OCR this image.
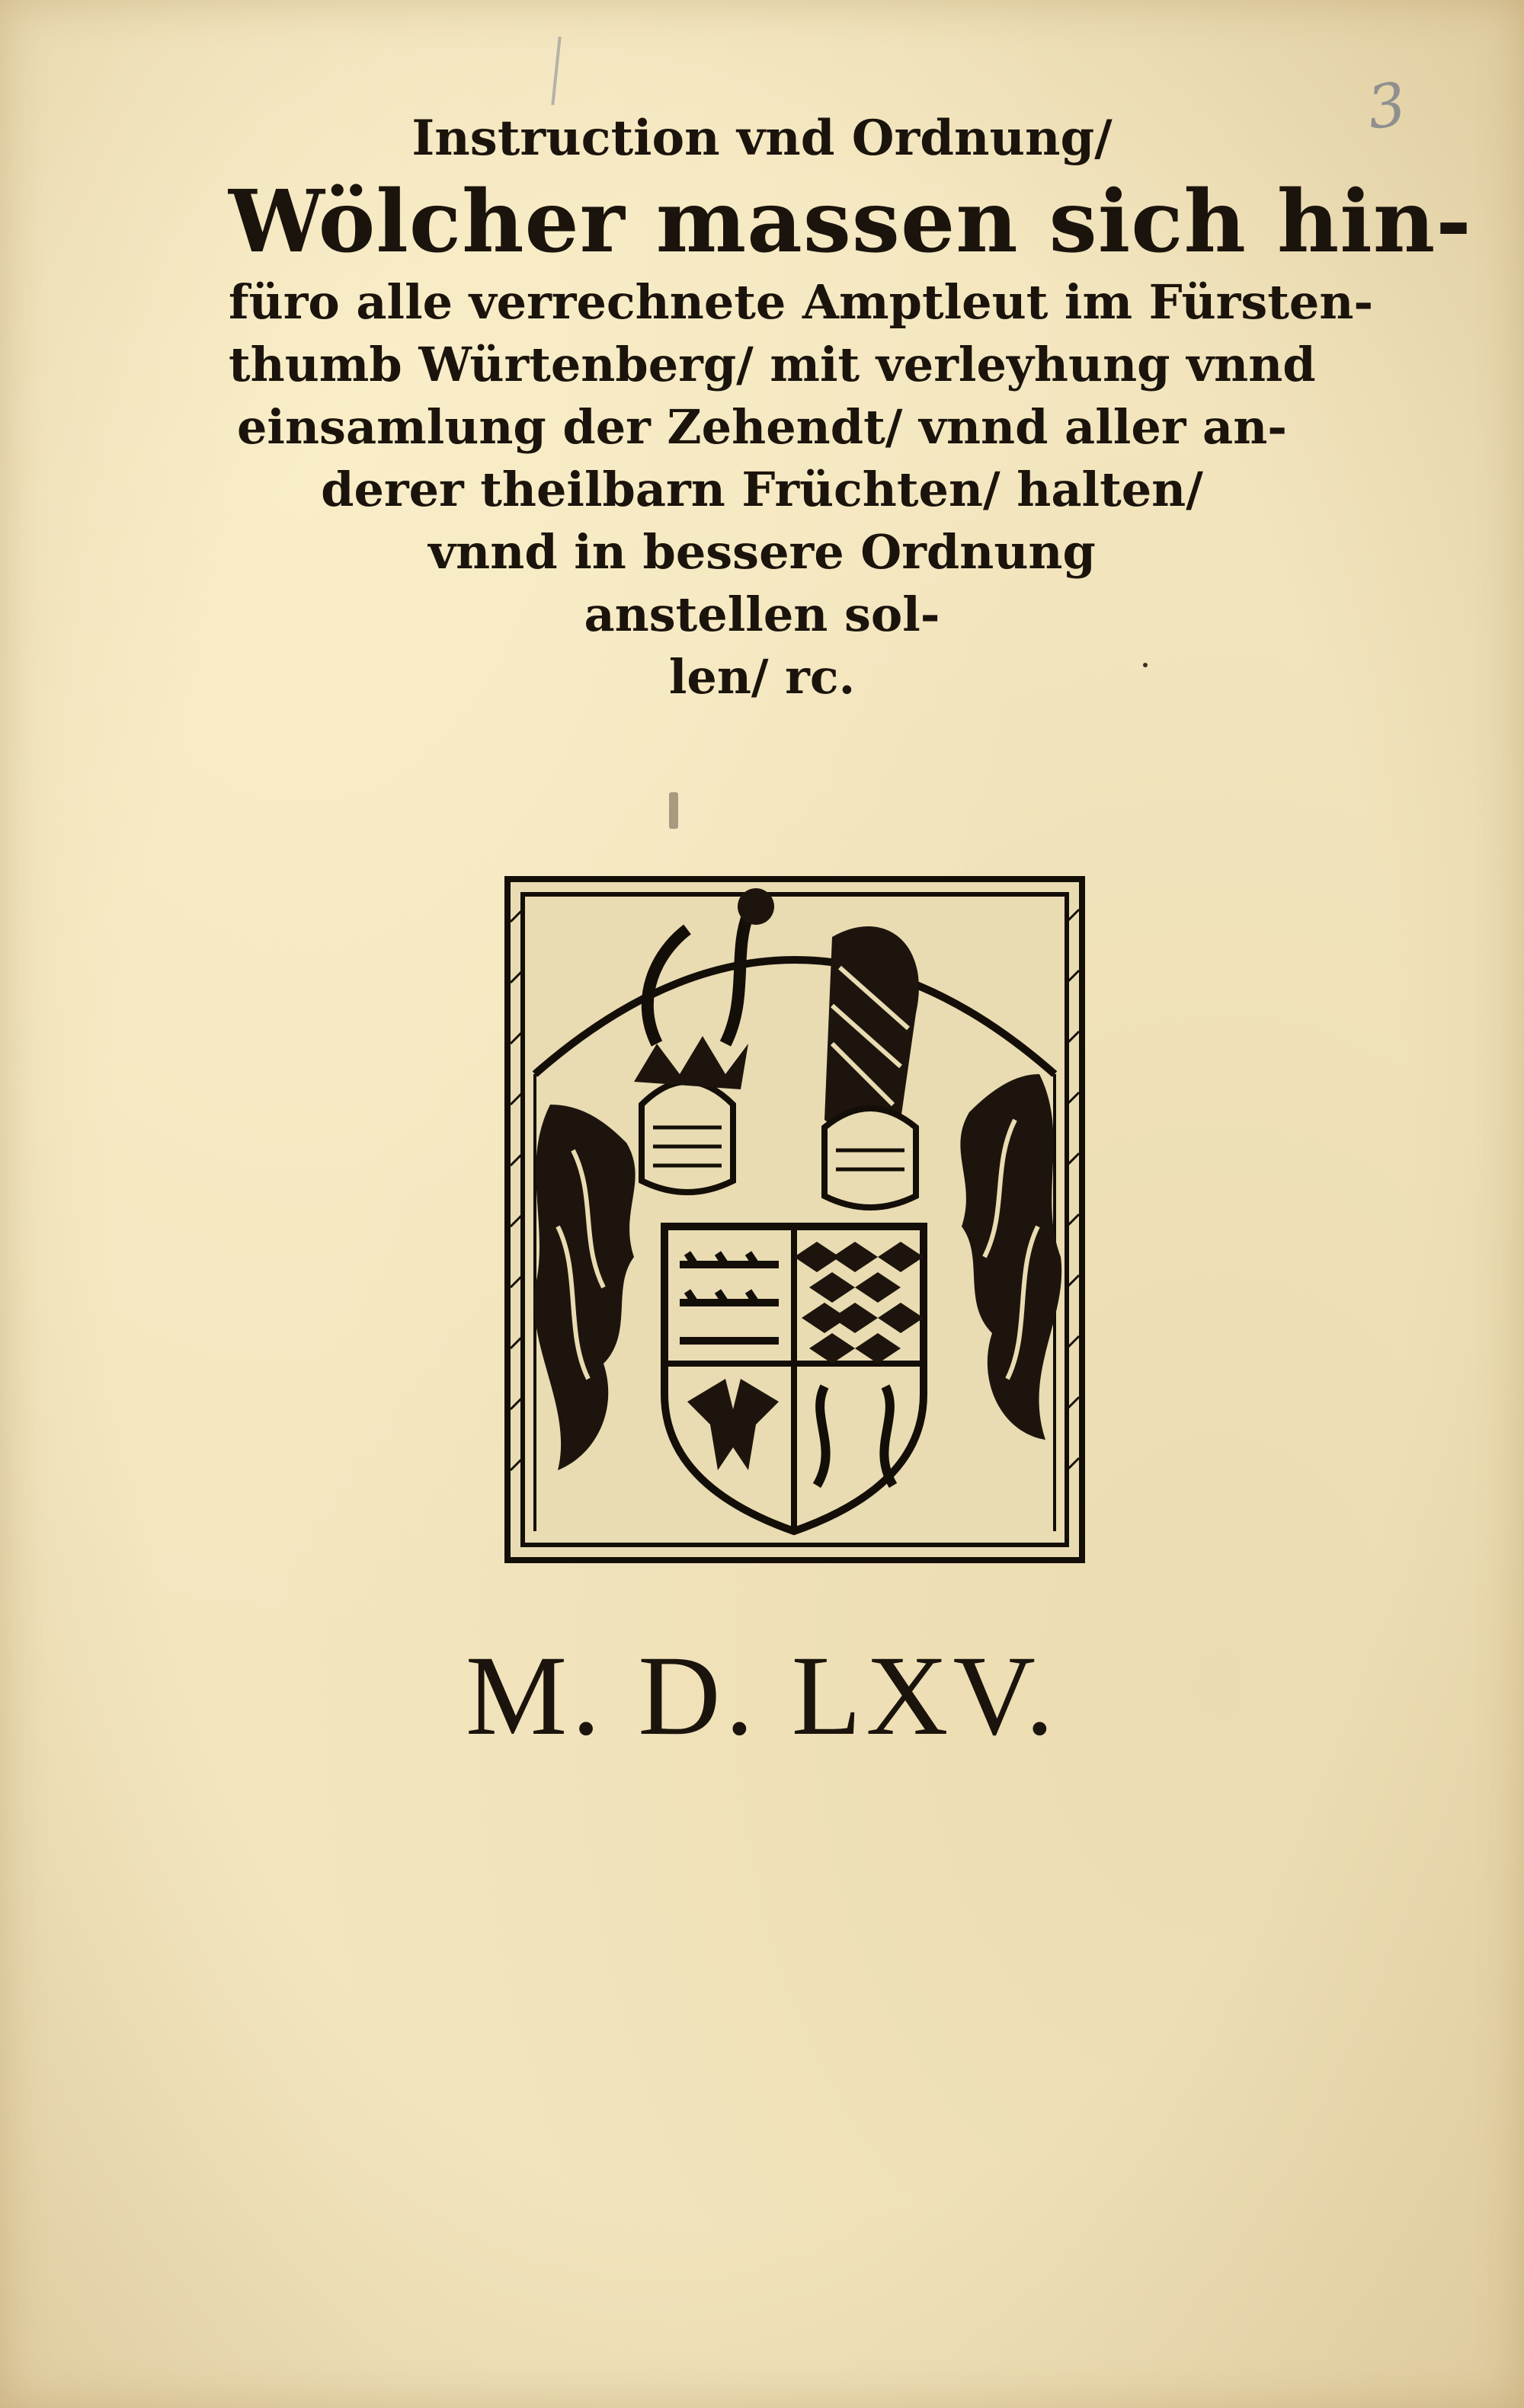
3
Instruction vnd Ordnung/
Wölcher massen sich hin-
füro alle verrechnete Amptleut im Fürsten-
thumb Würtenberg/ mit verleyhung vnnd
einsamlung der Zehendt/ vnnd aller an-
derer theilbarn Früchten/ halten/
vnnd in bessere Ordnung
anstellen sol-
len/ rc.
M. D. LXV.
